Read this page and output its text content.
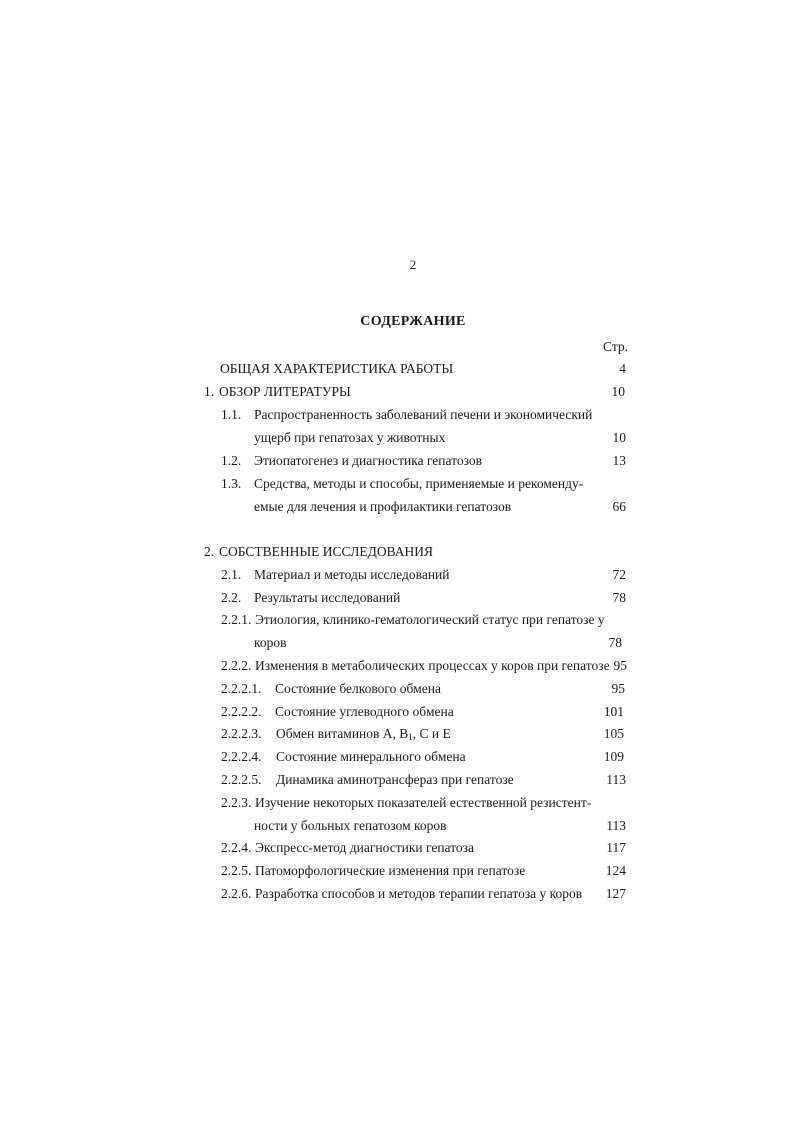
2
СОДЕРЖАНИЕ
Стр.
ОБЩАЯ ХАРАКТЕРИСТИКА РАБОТЫ	4
1. ОБЗОР ЛИТЕРАТУРЫ	10
1.1. Распространенность заболеваний печени и экономический
ущерб при гепатозах у животных	10
1.2. Этиопатогенез и диагностика гепатозов	13
1.3. Средства, методы и способы, применяемые и рекоменду-
емые для лечения и профилактики гепатозов	66
2. СОБСТВЕННЫЕ ИССЛЕДОВАНИЯ
2.1. Материал и методы исследований	72
2.2. Результаты исследований	78
2.2.1. Этиология, клинико-гематологический статус при гепатозе у
коров	78
2.2.2. Изменения в метаболических процессах у коров при гепатозе 95
2.2.2.1. Состояние белкового обмена	95
2.2.2.2. Состояние углеводного обмена	101
2.2.2.3. Обмен витаминов А, $В_1$, С и Е	105
2.2.2.4. Состояние минерального обмена	109
2.2.2.5. Динамика аминотрансфераз при гепатозе	113
2.2.3. Изучение некоторых показателей естественной резистент-
ности у больных гепатозом коров	113
2.2.4. Экспресс-метод диагностики гепатоза	117
2.2.5. Патоморфологические изменения при гепатозе	124
2.2.6. Разработка способов и методов терапии гепатоза у коров	127
